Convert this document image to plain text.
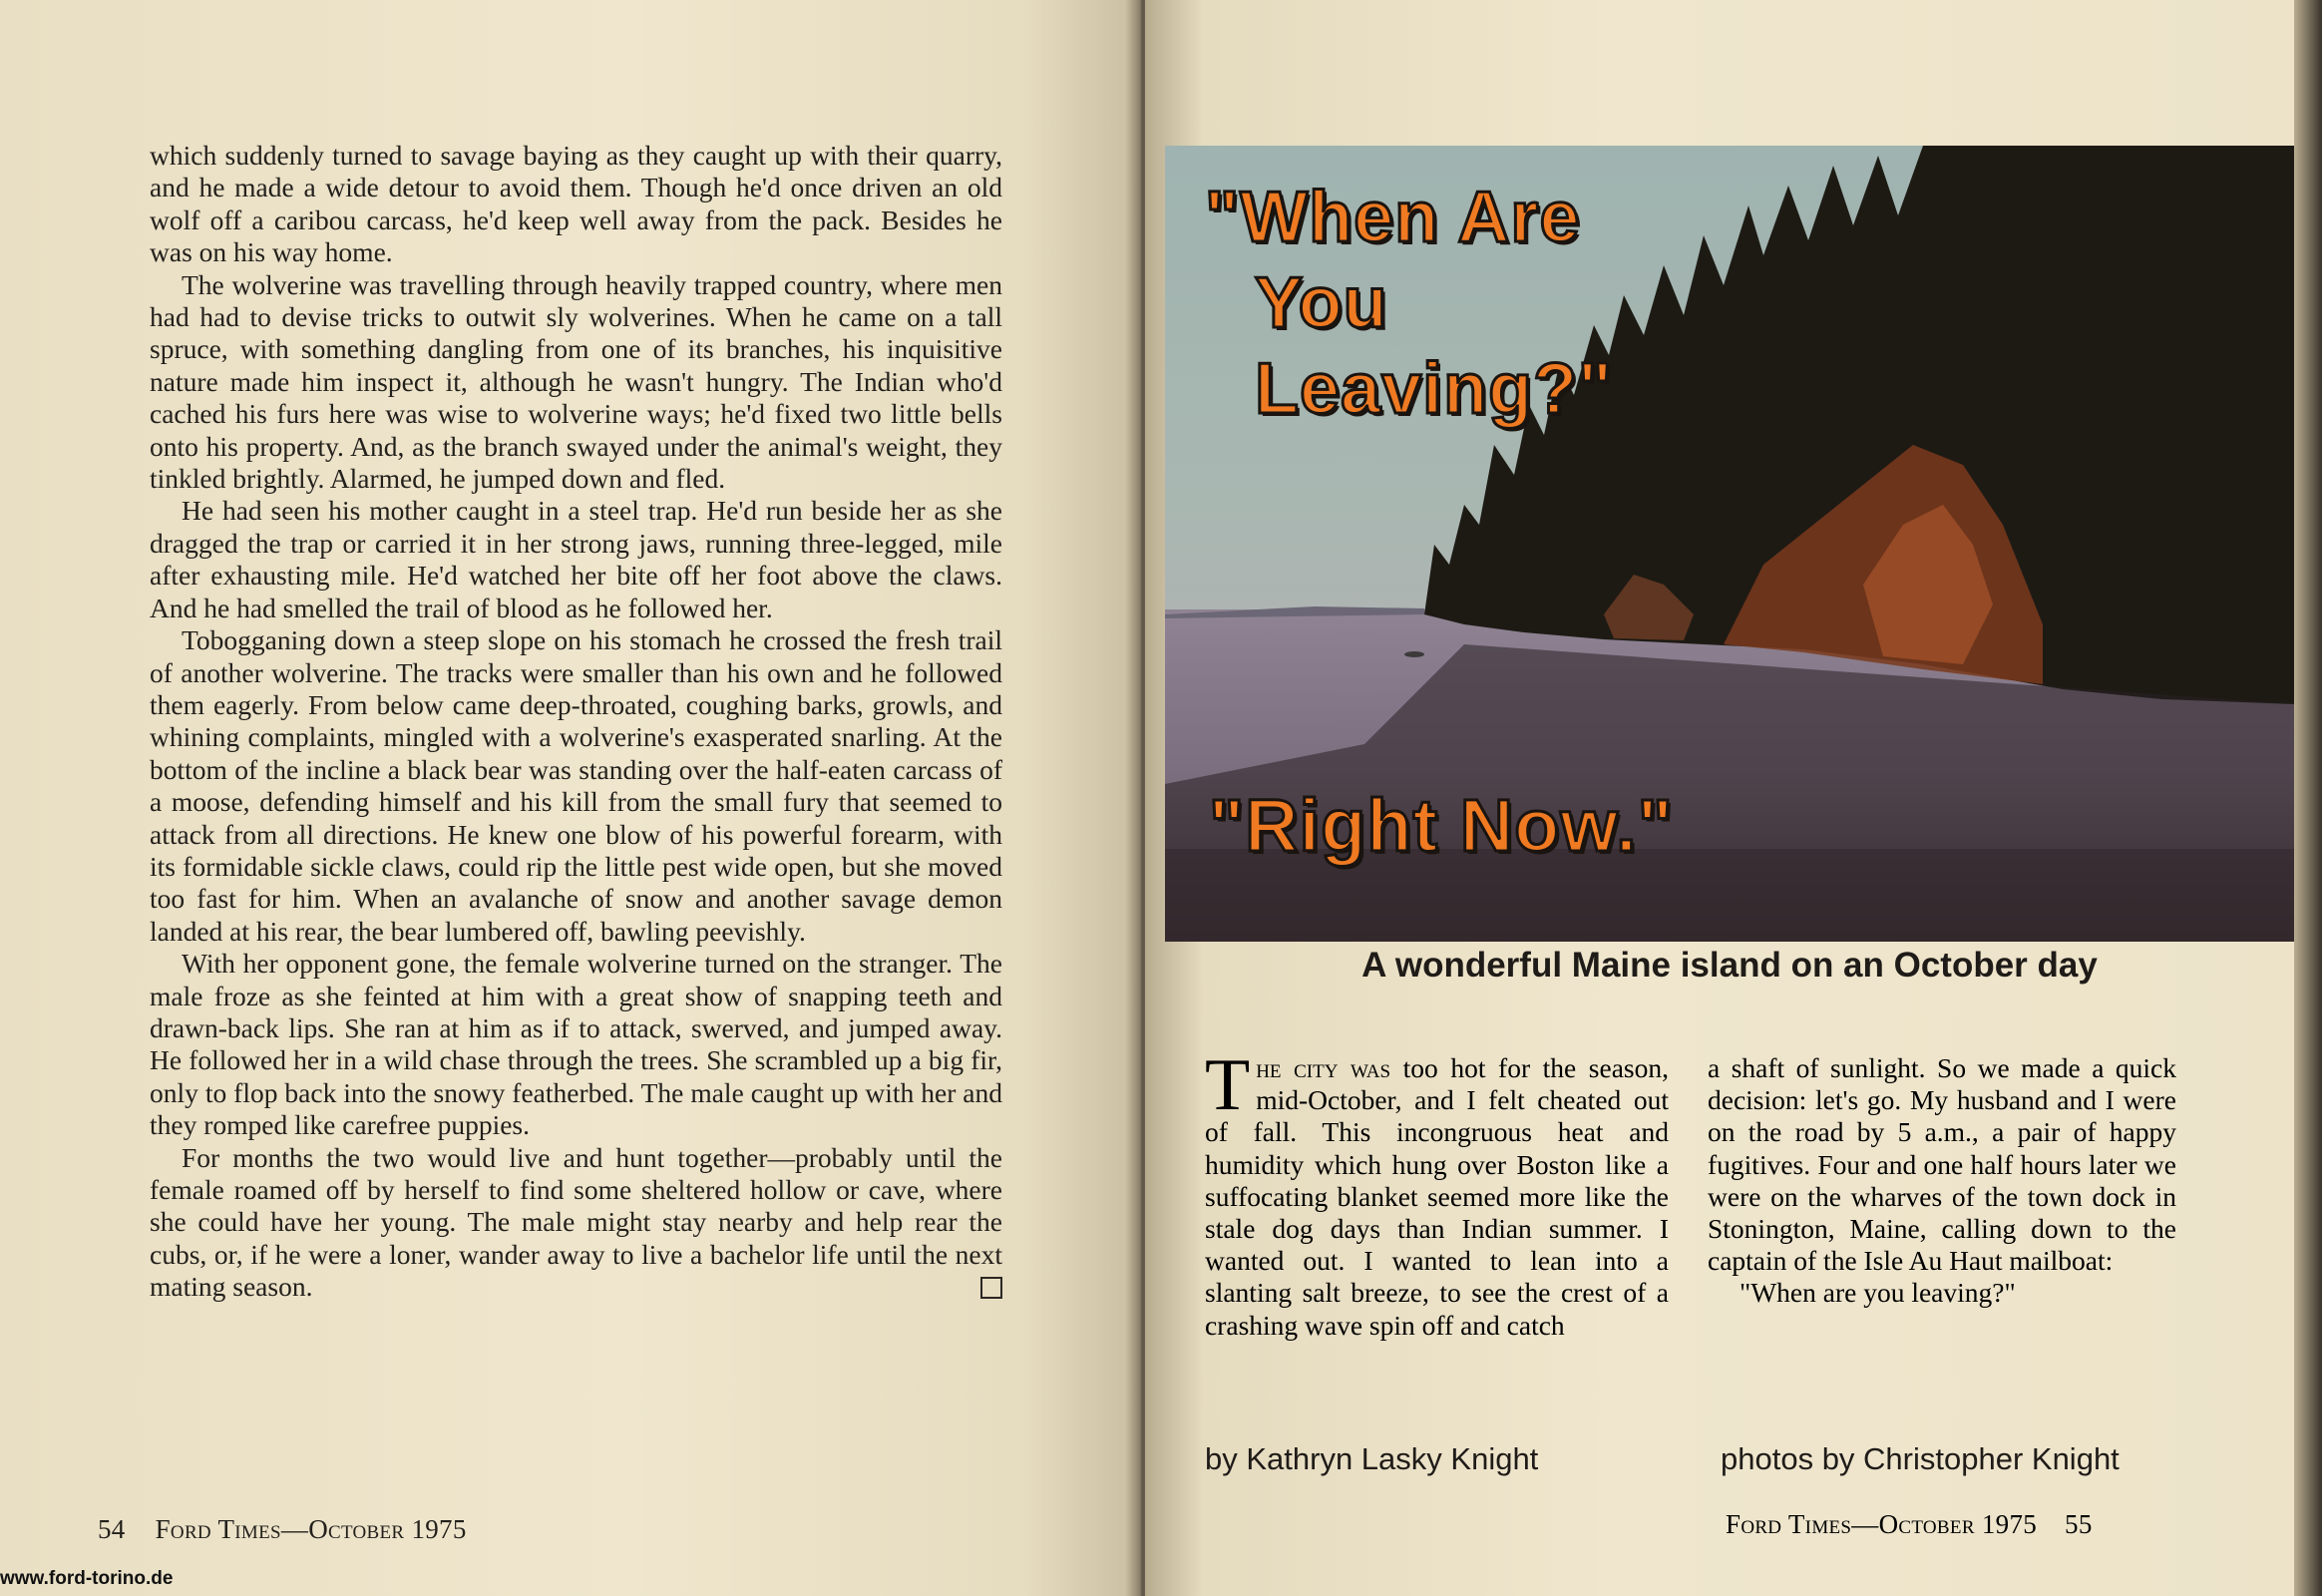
which suddenly turned to savage baying as they caught up with their quarry, and he made a wide detour to avoid them. Though he'd once driven an old wolf off a caribou carcass, he'd keep well away from the pack. Besides he was on his way home.

The wolverine was travelling through heavily trapped country, where men had had to devise tricks to outwit sly wolverines. When he came on a tall spruce, with something dangling from one of its branches, his inquisitive nature made him inspect it, although he wasn't hungry. The Indian who'd cached his furs here was wise to wolverine ways; he'd fixed two little bells onto his property. And, as the branch swayed under the animal's weight, they tinkled brightly. Alarmed, he jumped down and fled.

He had seen his mother caught in a steel trap. He'd run beside her as she dragged the trap or carried it in her strong jaws, running three-legged, mile after exhausting mile. He'd watched her bite off her foot above the claws. And he had smelled the trail of blood as he followed her.

Tobogganing down a steep slope on his stomach he crossed the fresh trail of another wolverine. The tracks were smaller than his own and he followed them eagerly. From below came deep-throated, coughing barks, growls, and whining complaints, mingled with a wolverine's exasperated snarling. At the bottom of the incline a black bear was standing over the half-eaten carcass of a moose, defending himself and his kill from the small fury that seemed to attack from all directions. He knew one blow of his powerful forearm, with its formidable sickle claws, could rip the little pest wide open, but she moved too fast for him. When an avalanche of snow and another savage demon landed at his rear, the bear lumbered off, bawling peevishly.

With her opponent gone, the female wolverine turned on the stranger. The male froze as she feinted at him with a great show of snapping teeth and drawn-back lips. She ran at him as if to attack, swerved, and jumped away. He followed her in a wild chase through the trees. She scrambled up a big fir, only to flop back into the snowy featherbed. The male caught up with her and they romped like carefree puppies.

For months the two would live and hunt together—probably until the female roamed off by herself to find some sheltered hollow or cave, where she could have her young. The male might stay nearby and help rear the cubs, or, if he were a loner, wander away to live a bachelor life until the next mating season.

54 Ford Times—October 1975
www.ford-torino.de
"When Are
You
Leaving?"
"Right Now."
A wonderful Maine island on an October day

The city was too hot for the season, mid-October, and I felt cheated out of fall. This incongruous heat and humidity which hung over Boston like a suffocating blanket seemed more like the stale dog days than Indian summer. I wanted out. I wanted to lean into a slanting salt breeze, to see the crest of a crashing wave spin off and catch

a shaft of sunlight. So we made a quick decision: let's go. My husband and I were on the road by 5 a.m., a pair of happy fugitives. Four and one half hours later we were on the wharves of the town dock in Stonington, Maine, calling down to the captain of the Isle Au Haut mailboat:

"When are you leaving?"

by Kathryn Lasky Knight	photos by Christopher Knight
Ford Times—October 1975 55
